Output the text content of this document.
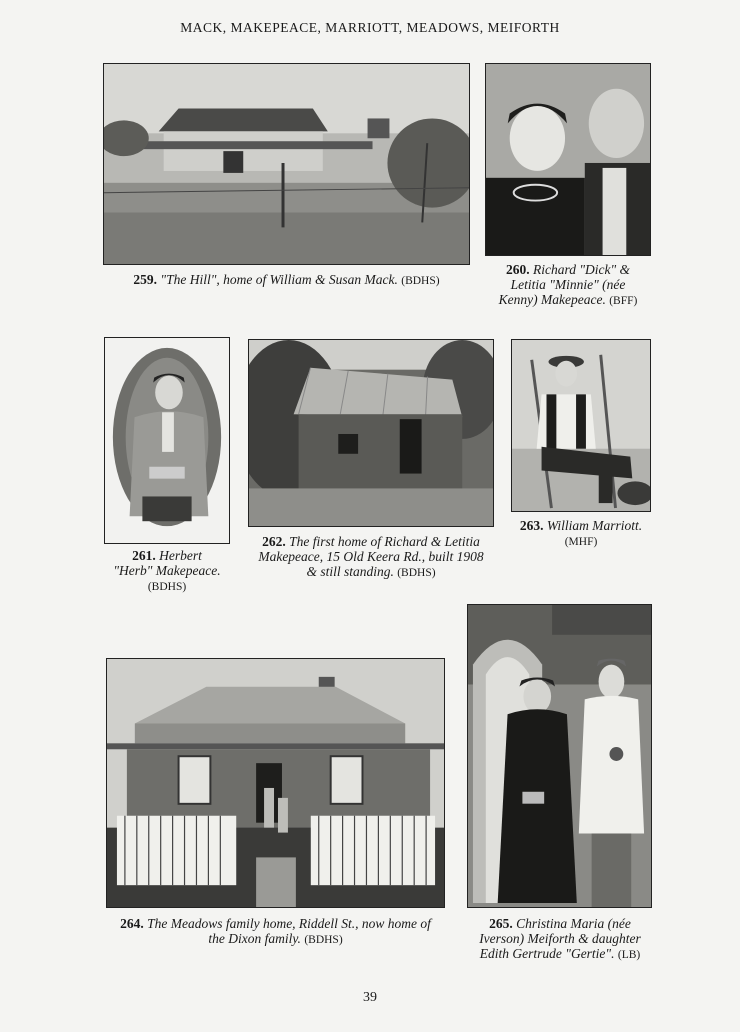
MACK, MAKEPEACE, MARRIOTT, MEADOWS, MEIFORTH
259. "The Hill", home of William & Susan Mack. (BDHS)
260. Richard "Dick" &
Letitia "Minnie" (née
Kenny) Makepeace. (BFF)
261. Herbert
"Herb" Makepeace.
(BDHS)
262. The first home of Richard & Letitia
Makepeace, 15 Old Keera Rd., built 1908
& still standing. (BDHS)
263. William Marriott.
(MHF)
264. The Meadows family home, Riddell St., now home of
the Dixon family. (BDHS)
265. Christina Maria (née
Iverson) Meiforth & daughter
Edith Gertrude "Gertie". (LB)
39
